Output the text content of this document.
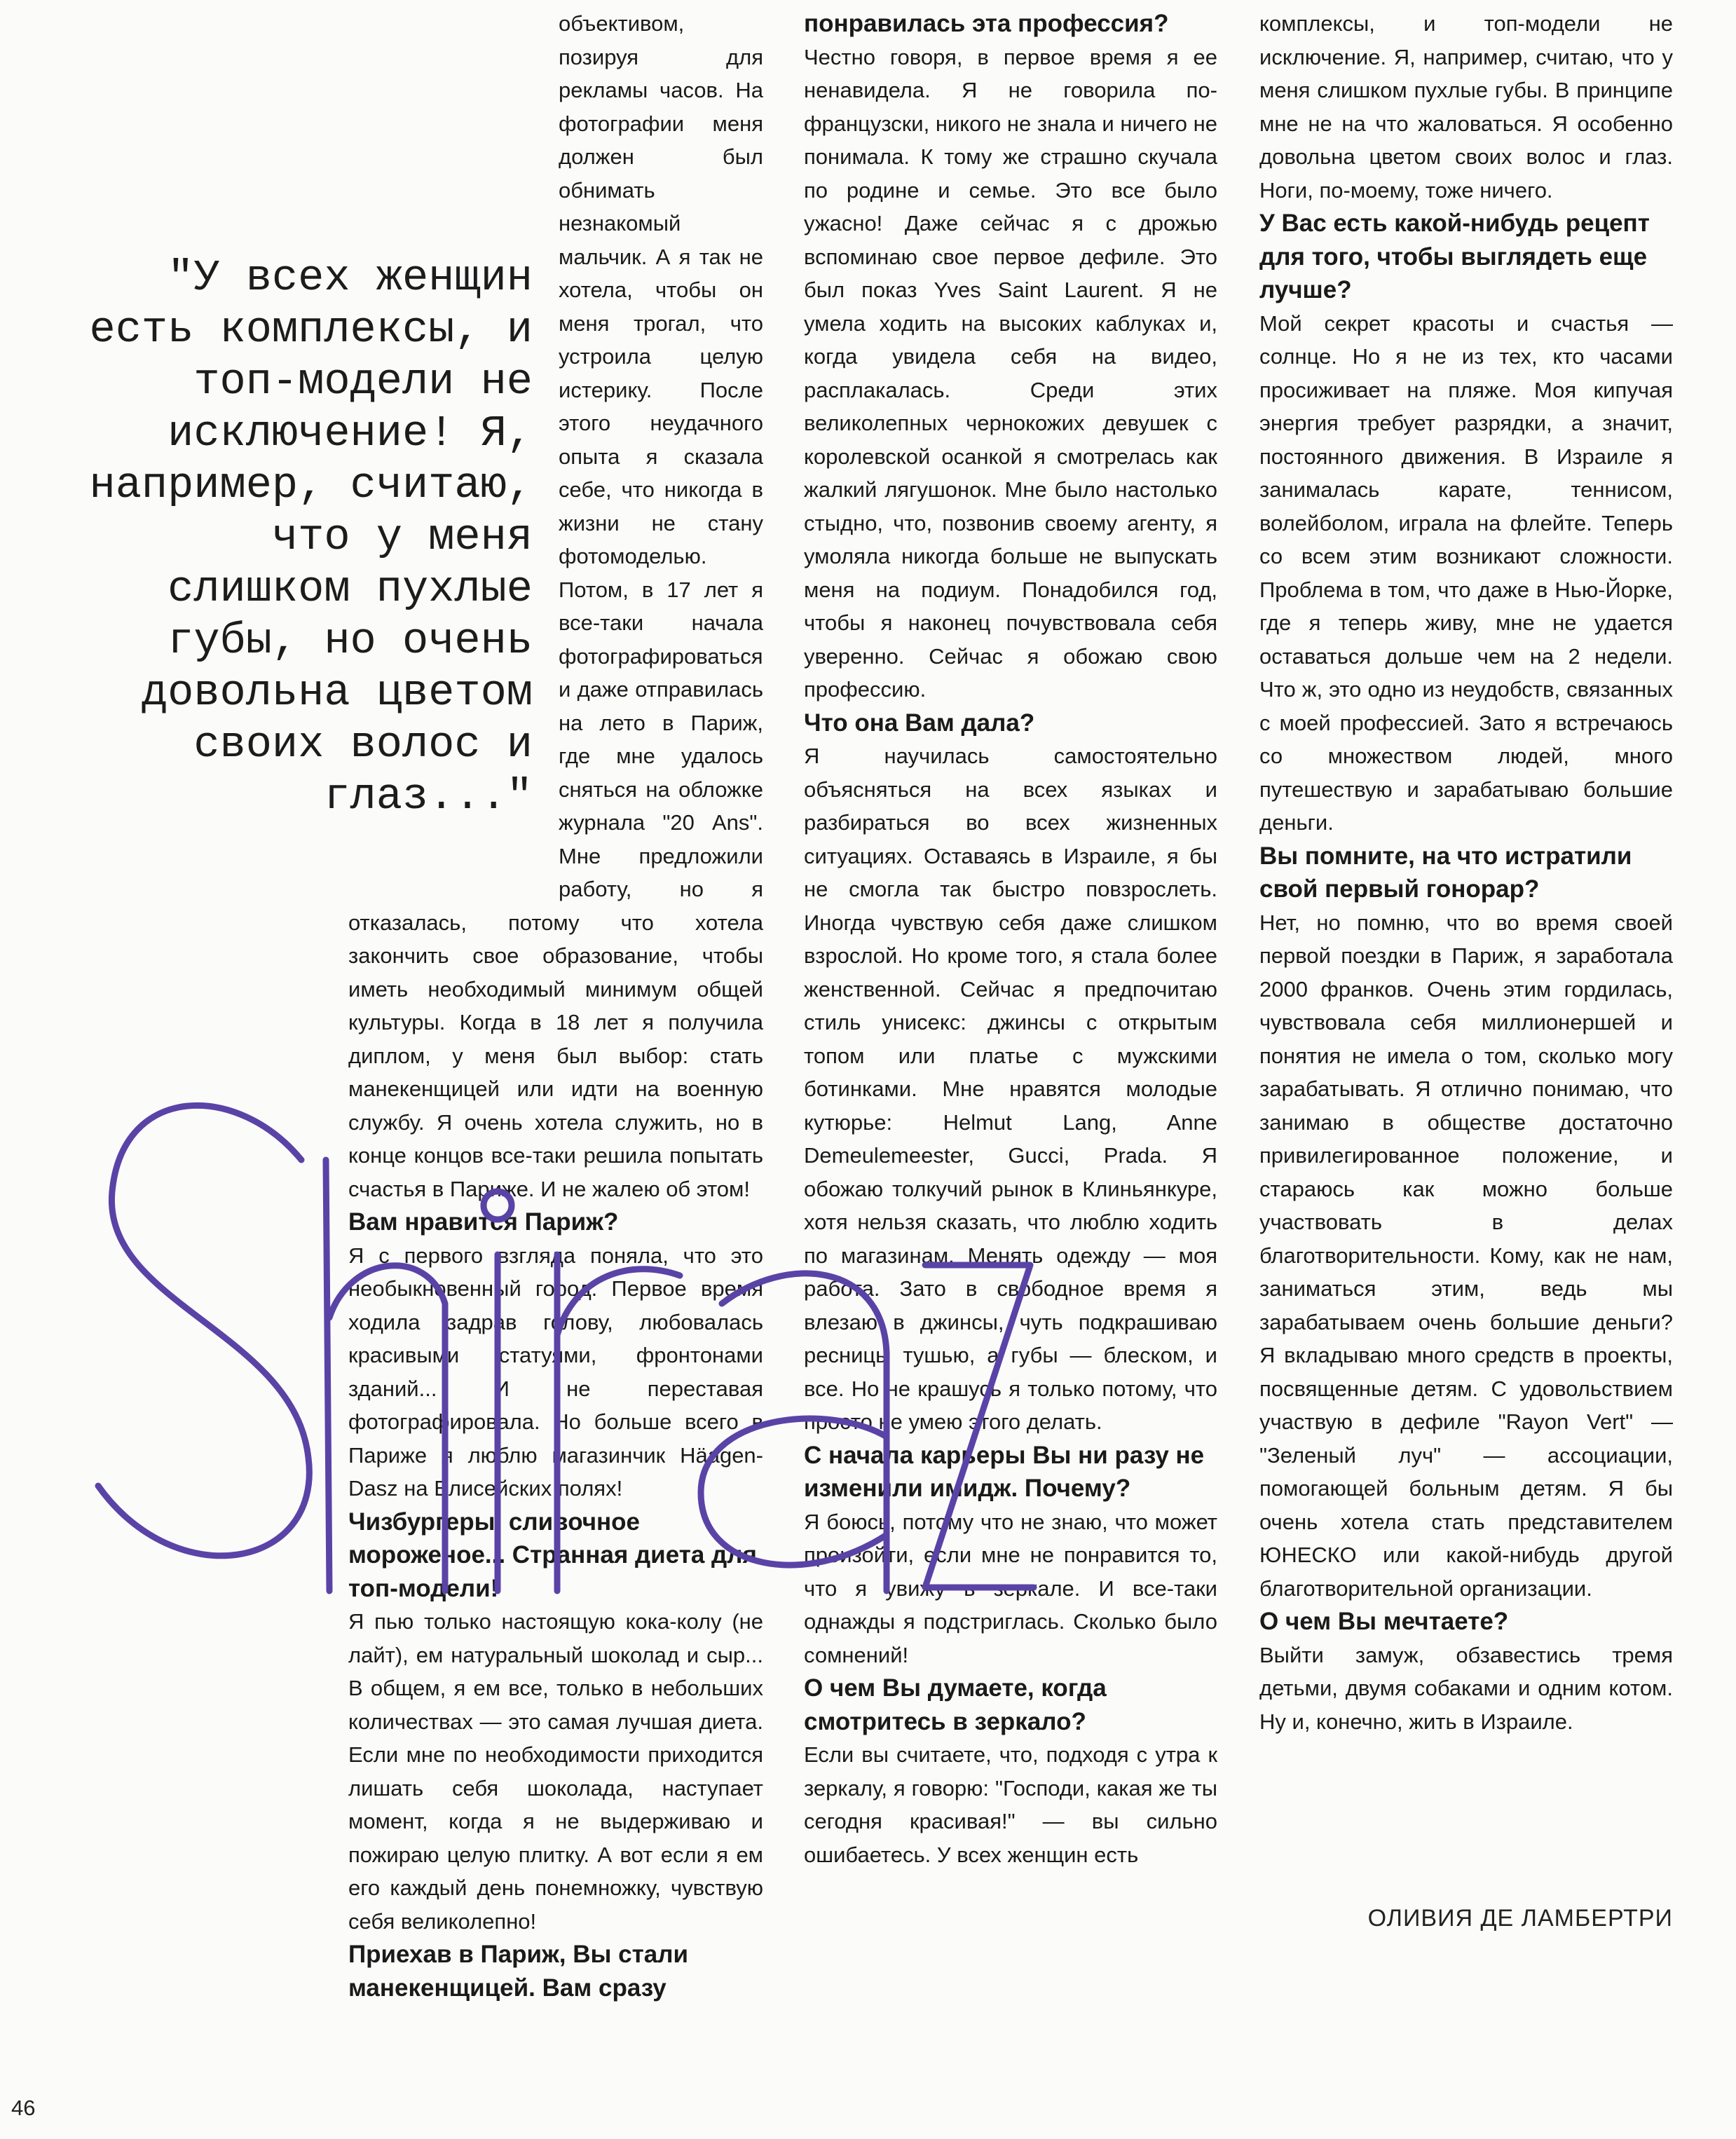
"У всех женщин есть комплексы, и топ-модели не исключение! Я, например, считаю, что у меня слишком пухлые губы, но очень довольна цветом своих волос и глаз..."

объективом, позируя для рекламы часов. На фотографии меня должен был обнимать незнакомый мальчик. А я так не хотела, чтобы он меня трогал, что устроила целую истерику. После этого неудачного опыта я сказала себе, что никогда в жизни не стану фотомоделью. Потом, в 17 лет я все-таки начала фотографироваться и даже отправилась на лето в Париж, где мне удалось сняться на обложке журнала "20 Ans". Мне предложили работу, но я отказалась, потому что хотела закончить свое образование, чтобы иметь необходимый минимум общей культуры. Когда в 18 лет я получила диплом, у меня был выбор: стать манекенщицей или идти на военную службу. Я очень хотела служить, но в конце концов все-таки решила попытать счастья в Париже. И не жалею об этом!

Вам нравится Париж?

Я с первого взгляда поняла, что это необыкновенный город. Первое время ходила задрав голову, любовалась красивыми статуями, фронтонами зданий... И не переставая фотографировала. Но больше всего в Париже я люблю магазинчик Häagen-Dasz на Елисейских полях!

Чизбургеры, сливочное мороженое... Странная диета для топ-модели!

Я пью только настоящую кока-колу (не лайт), ем натуральный шоколад и сыр... В общем, я ем все, только в небольших количествах — это самая лучшая диета. Если мне по необходимости приходится лишать себя шоколада, наступает момент, когда я не выдерживаю и пожираю целую плитку. А вот если я ем его каждый день понемножку, чувствую себя великолепно!

Приехав в Париж, Вы стали манекенщицей. Вам сразу
понравилась эта профессия?

Честно говоря, в первое время я ее ненавидела. Я не говорила по-французски, никого не знала и ничего не понимала. К тому же страшно скучала по родине и семье. Это все было ужасно! Даже сейчас я с дрожью вспоминаю свое первое дефиле. Это был показ Yves Saint Laurent. Я не умела ходить на высоких каблуках и, когда увидела себя на видео, расплакалась. Среди этих великолепных чернокожих девушек с королевской осанкой я смотрелась как жалкий лягушонок. Мне было настолько стыдно, что, позвонив своему агенту, я умоляла никогда больше не выпускать меня на подиум. Понадобился год, чтобы я наконец почувствовала себя уверенно. Сейчас я обожаю свою профессию.

Что она Вам дала?

Я научилась самостоятельно объясняться на всех языках и разбираться во всех жизненных ситуациях. Оставаясь в Израиле, я бы не смогла так быстро повзрослеть. Иногда чувствую себя даже слишком взрослой. Но кроме того, я стала более женственной. Сейчас я предпочитаю стиль унисекс: джинсы с открытым топом или платье с мужскими ботинками. Мне нравятся молодые кутюрье: Helmut Lang, Anne Demeulemeester, Gucci, Prada. Я обожаю толкучий рынок в Клиньянкуре, хотя нельзя сказать, что люблю ходить по магазинам. Менять одежду — моя работа. Зато в свободное время я влезаю в джинсы, чуть подкрашиваю ресницы тушью, а губы — блеском, и все. Но не крашусь я только потому, что просто не умею этого делать.

С начала карьеры Вы ни разу не изменили имидж. Почему?

Я боюсь, потому что не знаю, что может произойти, если мне не понравится то, что я увижу в зеркале. И все-таки однажды я подстриглась. Сколько было сомнений!

О чем Вы думаете, когда смотритесь в зеркало?

Если вы считаете, что, подходя с утра к зеркалу, я говорю: "Господи, какая же ты сегодня красивая!" — вы сильно ошибаетесь. У всех женщин есть

комплексы, и топ-модели не исключение. Я, например, считаю, что у меня слишком пухлые губы. В принципе мне не на что жаловаться. Я особенно довольна цветом своих волос и глаз. Ноги, по-моему, тоже ничего.

У Вас есть какой-нибудь рецепт для того, чтобы выглядеть еще лучше?

Мой секрет красоты и счастья — солнце. Но я не из тех, кто часами просиживает на пляже. Моя кипучая энергия требует разрядки, а значит, постоянного движения. В Израиле я занималась карате, теннисом, волейболом, играла на флейте. Теперь со всем этим возникают сложности. Проблема в том, что даже в Нью-Йорке, где я теперь живу, мне не удается оставаться дольше чем на 2 недели. Что ж, это одно из неудобств, связанных с моей профессией. Зато я встречаюсь со множеством людей, много путешествую и зарабатываю большие деньги.

Вы помните, на что истратили свой первый гонорар?

Нет, но помню, что во время своей первой поездки в Париж, я заработала 2000 франков. Очень этим гордилась, чувствовала себя миллионершей и понятия не имела о том, сколько могу зарабатывать. Я отлично понимаю, что занимаю в обществе достаточно привилегированное положение, и стараюсь как можно больше участвовать в делах благотворительности. Кому, как не нам, заниматься этим, ведь мы зарабатываем очень большие деньги? Я вкладываю много средств в проекты, посвященные детям. С удовольствием участвую в дефиле "Rayon Vert" — "Зеленый луч" — ассоциации, помогающей больным детям. Я бы очень хотела стать представителем ЮНЕСКО или какой-нибудь другой благотворительной организации.

О чем Вы мечтаете?

Выйти замуж, обзавестись тремя детьми, двумя собаками и одним котом. Ну и, конечно, жить в Израиле.

ОЛИВИЯ ДЕ ЛАМБЕРТРИ
46
